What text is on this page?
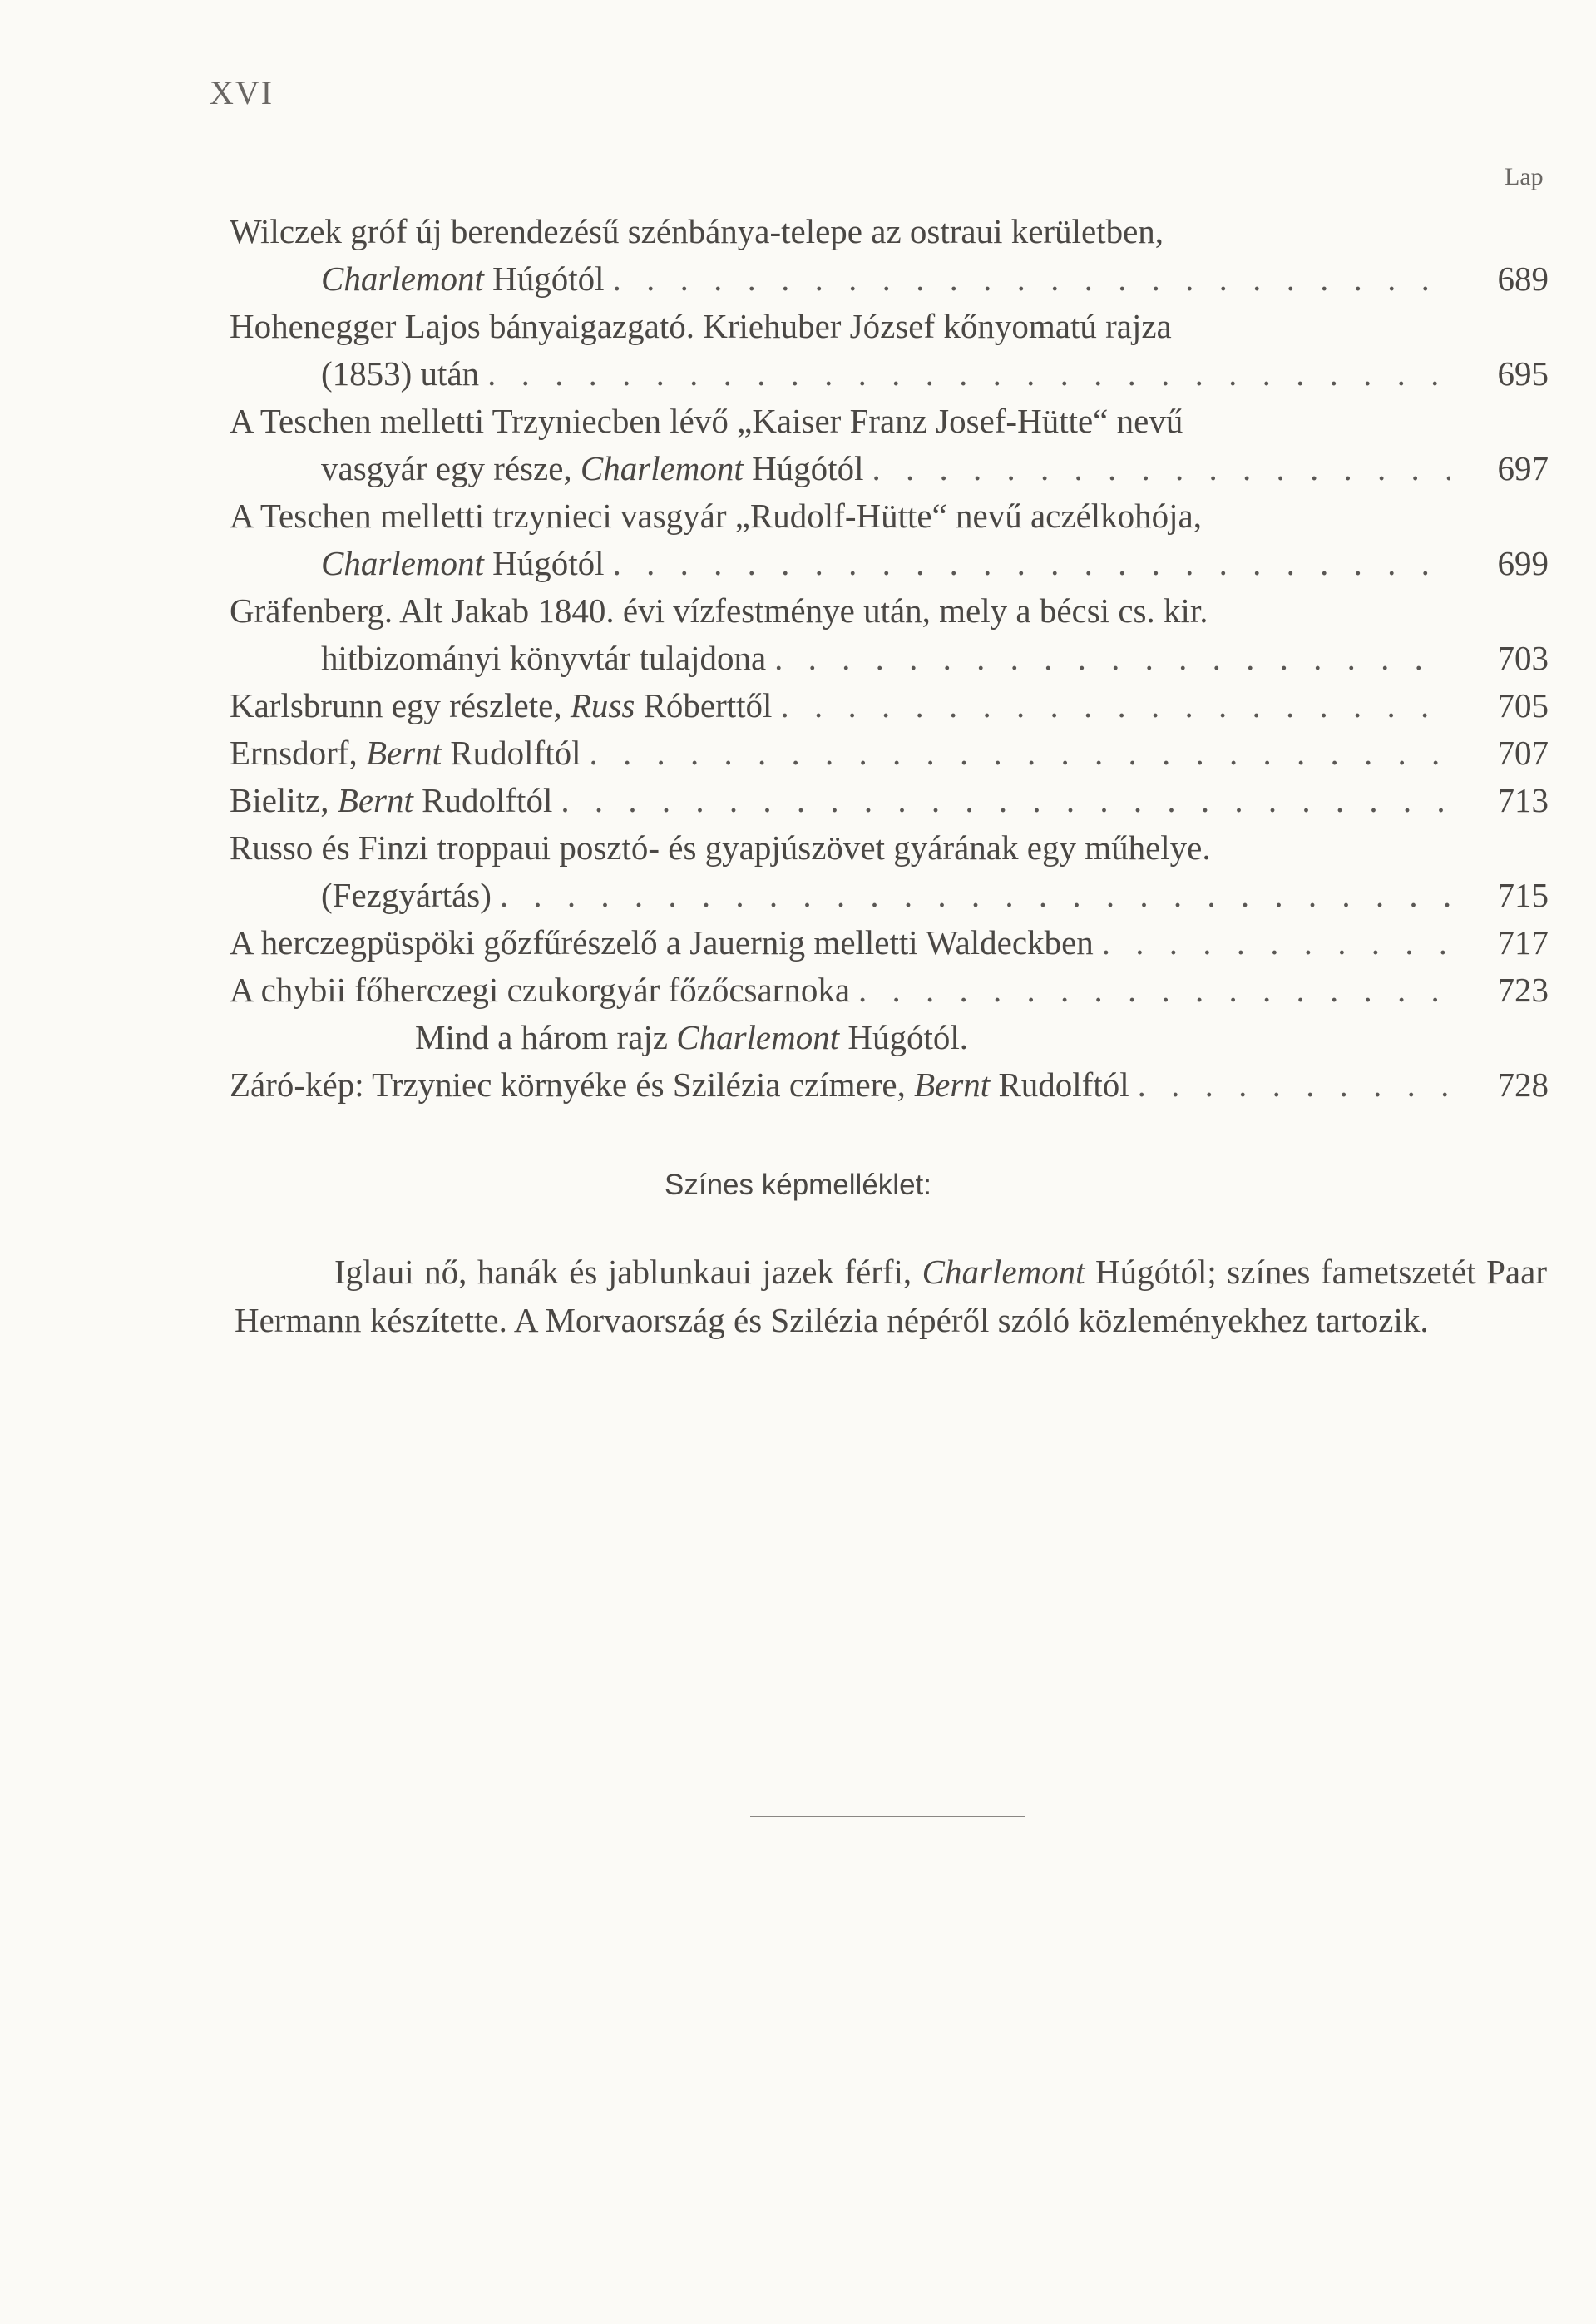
XVI
Lap
Wilczek gróf új berendezésű szénbánya-telepe az ostraui kerületben,
Charlemont Húgótól . . .	689
Hohenegger Lajos bányaigazgató. Kriehuber József kőnyomatú rajza
(1853) után . . .	695
A Teschen melletti Trzyniecben lévő „Kaiser Franz Josef-Hütte“ nevű
vasgyár egy része, Charlemont Húgótól . . .	697
A Teschen melletti trzynieci vasgyár „Rudolf-Hütte“ nevű aczélkohója,
Charlemont Húgótól . . .	699
Gräfenberg. Alt Jakab 1840. évi vízfestménye után, mely a bécsi cs. kir.
hitbizományi könyvtár tulajdona . . .	703
Karlsbrunn egy részlete, Russ Róberttől . . .	705
Ernsdorf, Bernt Rudolftól . . .	707
Bielitz, Bernt Rudolftól . . .	713
Russo és Finzi troppaui posztó- és gyapjúszövet gyárának egy műhelye.
(Fezgyártás) . . .	715
A herczegpüspöki gőzfűrészelő a Jauernig melletti Waldeckben . . .	717
A chybii főherczegi czukorgyár főzőcsarnoka . . .	723
Mind a három rajz Charlemont Húgótól.
Záró-kép: Trzyniec környéke és Szilézia czímere, Bernt Rudolftól . . .	728
Színes képmelléklet:
Iglaui nő, hanák és jablunkaui jazek férfi, Charlemont Húgótól; színes fametszetét Paar Hermann készítette. A Morvaország és Szilézia népéről szóló közleményekhez tartozik.
